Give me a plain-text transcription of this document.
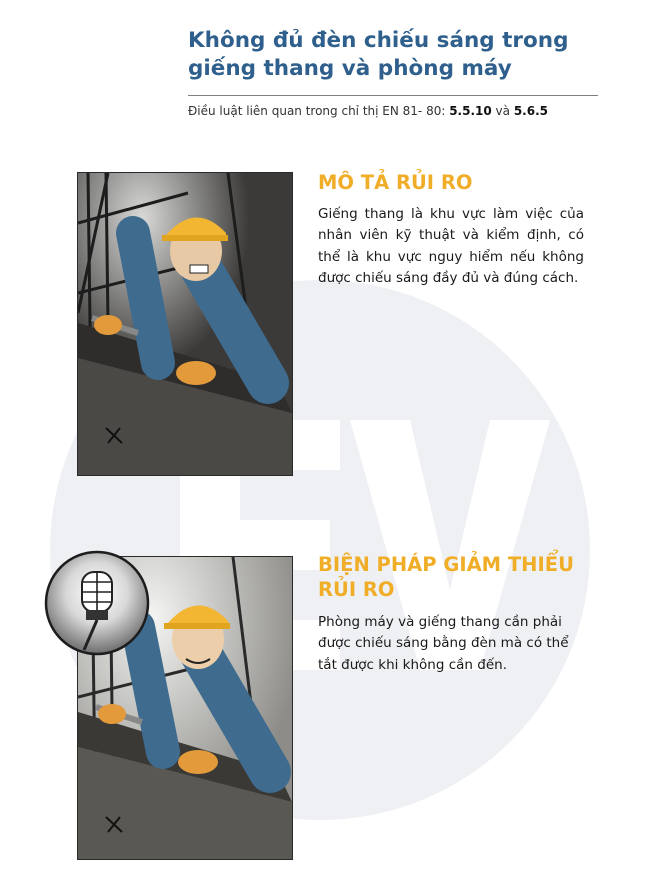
Không đủ đèn chiếu sáng trong
giếng thang và phòng máy
Điều luật liên quan trong chỉ thị EN 81- 80: 5.5.10 và 5.6.5
MÔ TẢ RỦI RO

Giếng thang là khu vực làm việc của nhân viên kỹ thuật và kiểm định, có thể là khu vực nguy hiểm nếu không được chiếu sáng đầy đủ và đúng cách.

BIỆN PHÁP GIẢM THIỂU
RỦI RO

Phòng máy và giếng thang cần phải được chiếu sáng bằng đèn mà có thể tắt được khi không cần đến.
